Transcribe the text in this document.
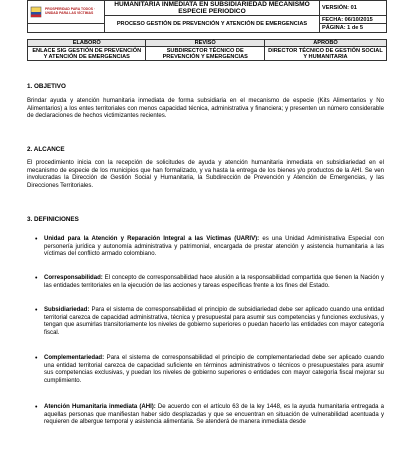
PROSPERIDAD PARA TODOS · UNIDAD PARA LAS VÍCTIMAS	HUMANITARIA INMEDIATA EN SUBSIDIARIEDAD MECANISMO ESPECIE PERIODICO	VERSIÓN: 01
	PROCESO GESTIÓN DE PREVENCIÓN Y ATENCIÓN DE EMERGENCIAS	FECHA: 06/10/2015
		PÁGINA: 1 de 5
ELABORÓ	REVISÓ	APROBÓ
ENLACE SIG GESTIÓN DE PREVENCIÓN Y ATENCIÓN DE EMERGENCIAS	SUBDIRECTOR TÉCNICO DE PREVENCIÓN Y EMERGENCIAS	DIRECTOR TÉCNICO DE GESTIÓN SOCIAL Y HUMANITARIA
1. OBJETIVO

Brindar ayuda y atención humanitaria inmediata de forma subsidiaria en el mecanismo de especie (Kits Alimentarios y No Alimentarios) a los entes territoriales con menos capacidad técnica, administrativa y financiera; y presenten un número considerable de declaraciones de hechos victimizantes recientes.

2. ALCANCE

El procedimiento inicia con la recepción de solicitudes de ayuda y atención humanitaria inmediata en subsidiariedad en el mecanismo de especie de los municipios que han formalizado, y va hasta la entrega de los bienes y/o productos de la AHI. Se ven involucradas la Dirección de Gestión Social y Humanitaria, la Subdirección de Prevención y Atención de Emergencias, y las Direcciones Territoriales.

3. DEFINICIONES
• Unidad para la Atención y Reparación Integral a las Víctimas (UARIV): es una Unidad Administrativa Especial con personería jurídica y autonomía administrativa y patrimonial, encargada de prestar atención y asistencia humanitaria a las víctimas del conflicto armado colombiano.
• Corresponsabilidad: El concepto de corresponsabilidad hace alusión a la responsabilidad compartida que tienen la Nación y las entidades territoriales en la ejecución de las acciones y tareas específicas frente a los fines del Estado.
• Subsidiariedad: Para el sistema de corresponsabilidad el principio de subsidiariedad debe ser aplicado cuando una entidad territorial carezca de capacidad administrativa, técnica y presupuestal para asumir sus competencias y funciones exclusivas, y tengan que asumirlas transitoriamente los niveles de gobierno superiores o puedan hacerlo las entidades con mayor categoría fiscal.
• Complementariedad: Para el sistema de corresponsabilidad el principio de complementariedad debe ser aplicado cuando una entidad territorial carezca de capacidad suficiente en términos administrativos o técnicos o presupuestales para asumir sus competencias exclusivas, y puedan los niveles de gobierno superiores o entidades con mayor categoría fiscal mejorar su cumplimiento.
• Atención Humanitaria inmediata (AHI): De acuerdo con el artículo 63 de la ley 1448, es la ayuda humanitaria entregada a aquellas personas que manifiestan haber sido desplazadas y que se encuentran en situación de vulnerabilidad acentuada y requieren de albergue temporal y asistencia alimentaria. Se atenderá de manera inmediata desde
